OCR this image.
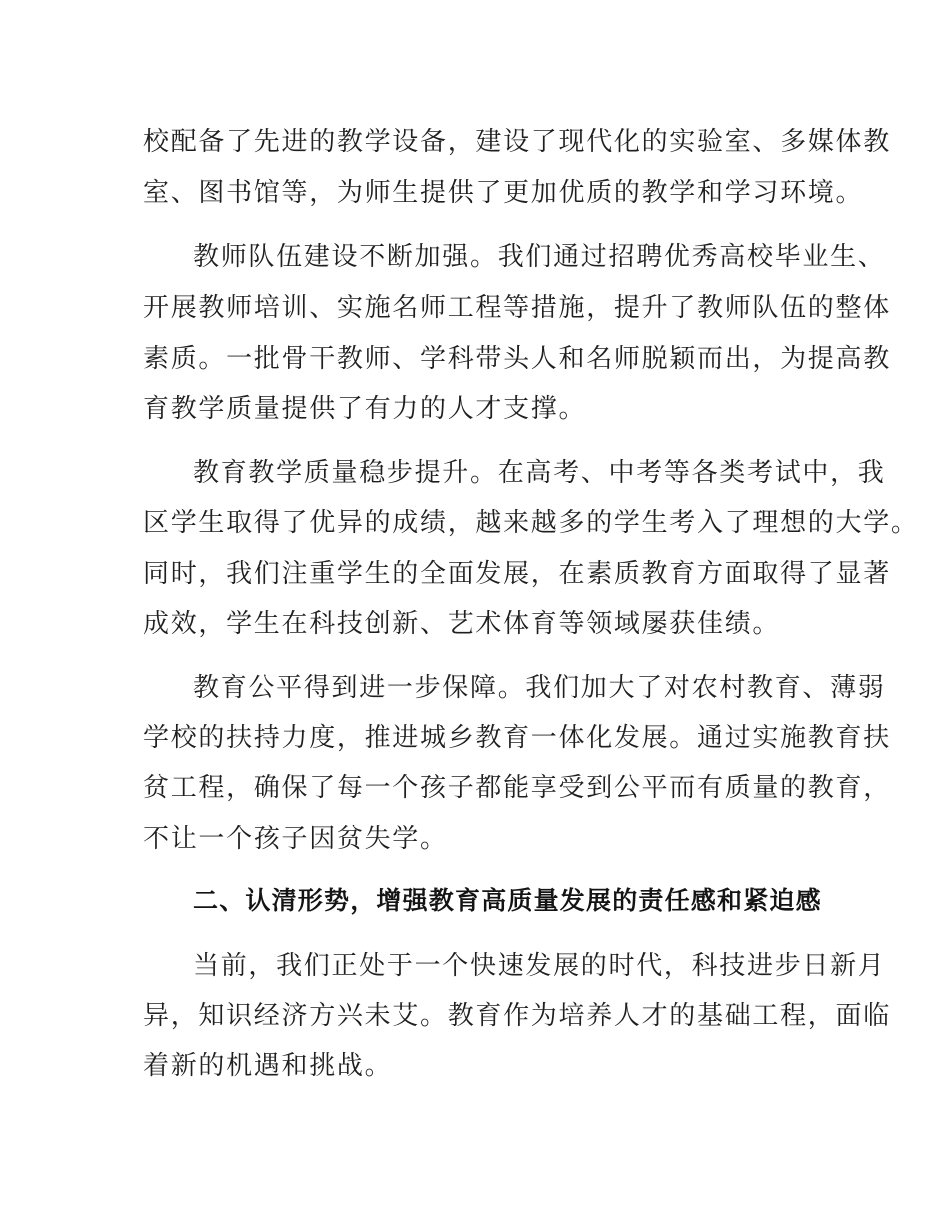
校配备了先进的教学设备，建设了现代化的实验室、多媒体教
室、图书馆等，为师生提供了更加优质的教学和学习环境。
教师队伍建设不断加强。我们通过招聘优秀高校毕业生、
开展教师培训、实施名师工程等措施，提升了教师队伍的整体
素质。一批骨干教师、学科带头人和名师脱颖而出，为提高教
育教学质量提供了有力的人才支撑。
教育教学质量稳步提升。在高考、中考等各类考试中，我
区学生取得了优异的成绩，越来越多的学生考入了理想的大学。
同时，我们注重学生的全面发展，在素质教育方面取得了显著
成效，学生在科技创新、艺术体育等领域屡获佳绩。
教育公平得到进一步保障。我们加大了对农村教育、薄弱
学校的扶持力度，推进城乡教育一体化发展。通过实施教育扶
贫工程，确保了每一个孩子都能享受到公平而有质量的教育，
不让一个孩子因贫失学。
二、认清形势，增强教育高质量发展的责任感和紧迫感
当前，我们正处于一个快速发展的时代，科技进步日新月
异，知识经济方兴未艾。教育作为培养人才的基础工程，面临
着新的机遇和挑战。
